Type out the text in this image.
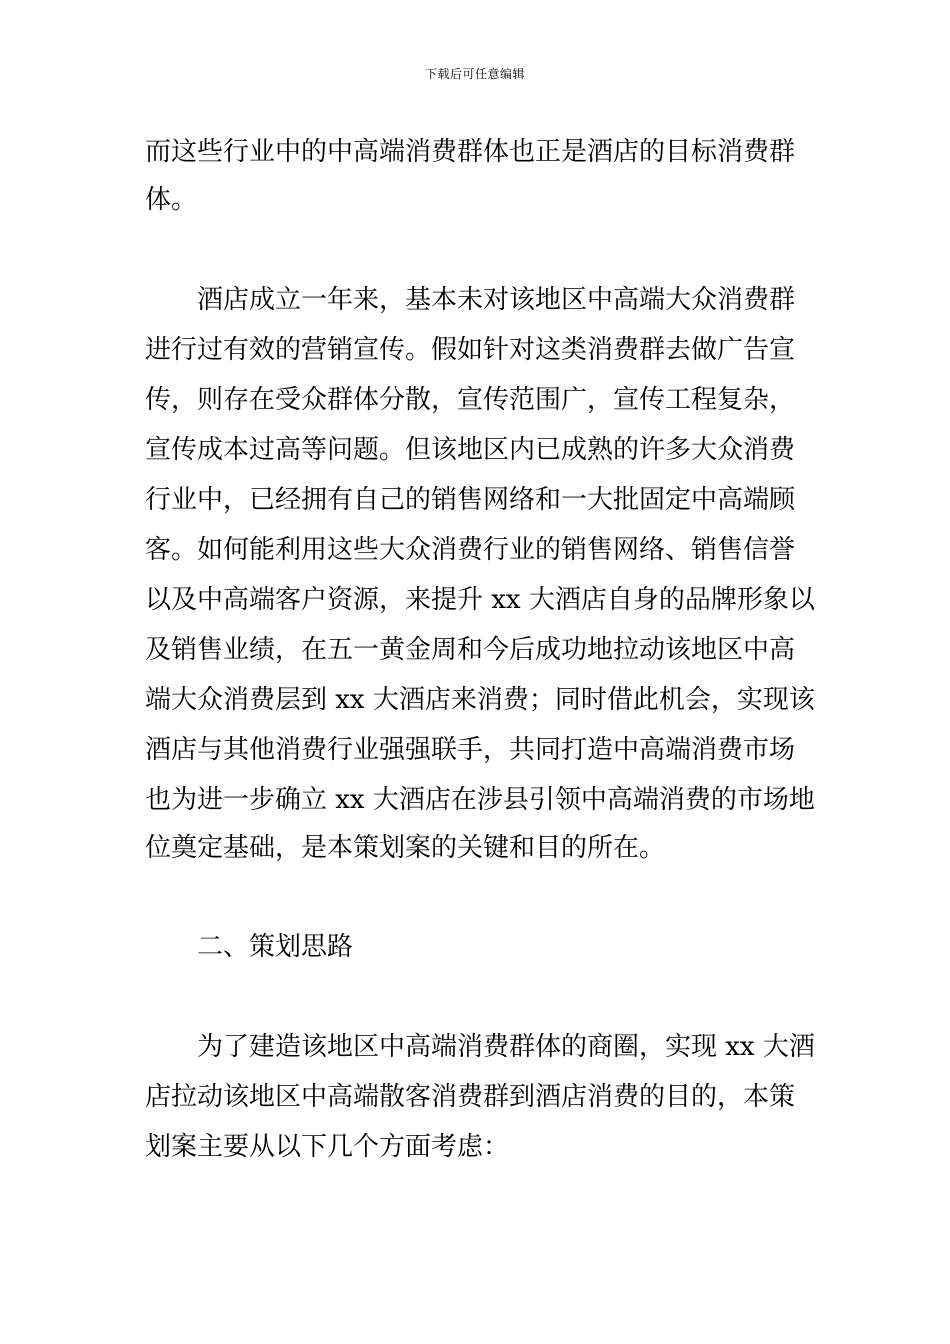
下载后可任意编辑

而这些行业中的中高端消费群体也正是酒店的目标消费群

体。

酒店成立一年来，基本未对该地区中高端大众消费群

进行过有效的营销宣传。假如针对这类消费群去做广告宣

传，则存在受众群体分散，宣传范围广，宣传工程复杂，

宣传成本过高等问题。但该地区内已成熟的许多大众消费

行业中，已经拥有自己的销售网络和一大批固定中高端顾

客。如何能利用这些大众消费行业的销售网络、销售信誉

以及中高端客户资源，来提升 xx 大酒店自身的品牌形象以

及销售业绩，在五一黄金周和今后成功地拉动该地区中高

端大众消费层到 xx 大酒店来消费；同时借此机会，实现该

酒店与其他消费行业强强联手，共同打造中高端消费市场

也为进一步确立 xx 大酒店在涉县引领中高端消费的市场地

位奠定基础，是本策划案的关键和目的所在。

二、策划思路

为了建造该地区中高端消费群体的商圈，实现 xx 大酒

店拉动该地区中高端散客消费群到酒店消费的目的，本策

划案主要从以下几个方面考虑：
